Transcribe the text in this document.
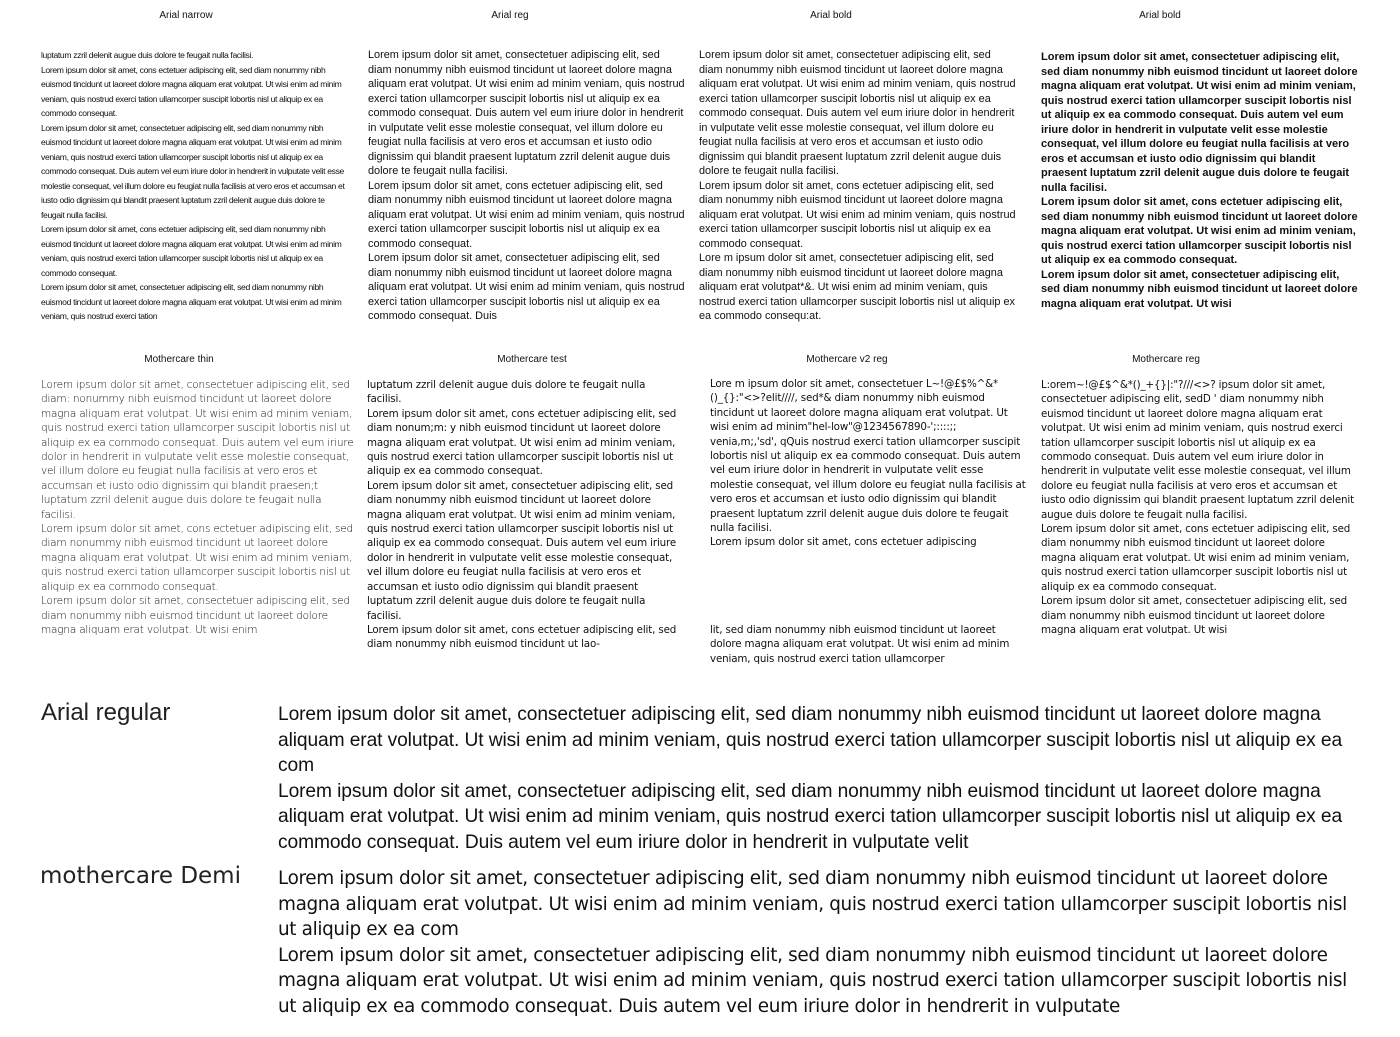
Arial narrow	Arial reg	Arial bold	Arial bold

luptatum zzril delenit augue duis dolore te feugait nulla facilisi.

Lorem ipsum dolor sit amet, cons ectetuer adipiscing elit, sed diam nonummy nibh euismod tincidunt ut laoreet dolore magna aliquam erat volutpat. Ut wisi enim ad minim veniam, quis nostrud exerci tation ullamcorper suscipit lobortis nisl ut aliquip ex ea commodo consequat.

Lorem ipsum dolor sit amet, consectetuer adipiscing elit, sed diam nonummy nibh euismod tincidunt ut laoreet dolore magna aliquam erat volutpat. Ut wisi enim ad minim veniam, quis nostrud exerci tation ullamcorper suscipit lobortis nisl ut aliquip ex ea commodo consequat. Duis autem vel eum iriure dolor in hendrerit in vulputate velit esse molestie consequat, vel illum dolore eu feugiat nulla facilisis at vero eros et accumsan et iusto odio dignissim qui blandit praesent luptatum zzril delenit augue duis dolore te feugait nulla facilisi.

Lorem ipsum dolor sit amet, cons ectetuer adipiscing elit, sed diam nonummy nibh euismod tincidunt ut laoreet dolore magna aliquam erat volutpat. Ut wisi enim ad minim veniam, quis nostrud exerci tation ullamcorper suscipit lobortis nisl ut aliquip ex ea commodo consequat.

Lorem ipsum dolor sit amet, consectetuer adipiscing elit, sed diam nonummy nibh euismod tincidunt ut laoreet dolore magna aliquam erat volutpat. Ut wisi enim ad minim veniam, quis nostrud exerci tation

Lorem ipsum dolor sit amet, consectetuer adipiscing elit, sed diam nonummy nibh euismod tincidunt ut laoreet dolore magna aliquam erat volutpat. Ut wisi enim ad minim veniam, quis nostrud exerci tation ullamcorper suscipit lobortis nisl ut aliquip ex ea commodo consequat. Duis autem vel eum iriure dolor in hendrerit in vulputate velit esse molestie consequat, vel illum dolore eu feugiat nulla facilisis at vero eros et accumsan et iusto odio dignissim qui blandit praesent luptatum zzril delenit augue duis dolore te feugait nulla facilisi.

Lorem ipsum dolor sit amet, cons ectetuer adipiscing elit, sed diam nonummy nibh euismod tincidunt ut laoreet dolore magna aliquam erat volutpat. Ut wisi enim ad minim veniam, quis nostrud exerci tation ullamcorper suscipit lobortis nisl ut aliquip ex ea commodo consequat.

Lorem ipsum dolor sit amet, consectetuer adipiscing elit, sed diam nonummy nibh euismod tincidunt ut laoreet dolore magna aliquam erat volutpat. Ut wisi enim ad minim veniam, quis nostrud exerci tation ullamcorper suscipit lobortis nisl ut aliquip ex ea commodo consequat. Duis

Lorem ipsum dolor sit amet, consectetuer adipiscing elit, sed diam nonummy nibh euismod tincidunt ut laoreet dolore magna aliquam erat volutpat. Ut wisi enim ad minim veniam, quis nostrud exerci tation ullamcorper suscipit lobortis nisl ut aliquip ex ea commodo consequat. Duis autem vel eum iriure dolor in hendrerit in vulputate velit esse molestie consequat, vel illum dolore eu feugiat nulla facilisis at vero eros et accumsan et iusto odio dignissim qui blandit praesent luptatum zzril delenit augue duis dolore te feugait nulla facilisi.

Lorem ipsum dolor sit amet, cons ectetuer adipiscing elit, sed diam nonummy nibh euismod tincidunt ut laoreet dolore magna aliquam erat volutpat. Ut wisi enim ad minim veniam, quis nostrud exerci tation ullamcorper suscipit lobortis nisl ut aliquip ex ea commodo consequat.

Lore m ipsum dolor sit amet, consectetuer adipiscing elit, sed diam nonummy nibh euismod tincidunt ut laoreet dolore magna aliquam erat volutpat*&. Ut wisi enim ad minim veniam, quis nostrud exerci tation ullamcorper suscipit lobortis nisl ut aliquip ex ea commodo consequ:at.

Lorem ipsum dolor sit amet, consectetuer adipiscing elit, sed diam nonummy nibh euismod tincidunt ut laoreet dolore magna aliquam erat volutpat. Ut wisi enim ad minim veniam, quis nostrud exerci tation ullamcorper suscipit lobortis nisl ut aliquip ex ea commodo consequat. Duis autem vel eum iriure dolor in hendrerit in vulputate velit esse molestie consequat, vel illum dolore eu feugiat nulla facilisis at vero eros et accumsan et iusto odio dignissim qui blandit praesent luptatum zzril delenit augue duis dolore te feugait nulla facilisi.

Lorem ipsum dolor sit amet, cons ectetuer adipiscing elit, sed diam nonummy nibh euismod tincidunt ut laoreet dolore magna aliquam erat volutpat. Ut wisi enim ad minim veniam, quis nostrud exerci tation ullamcorper suscipit lobortis nisl ut aliquip ex ea commodo consequat.

Lorem ipsum dolor sit amet, consectetuer adipiscing elit, sed diam nonummy nibh euismod tincidunt ut laoreet dolore magna aliquam erat volutpat. Ut wisi

Mothercare thin	Mothercare test	Mothercare v2 reg	Mothercare reg

Lorem ipsum dolor sit amet, consectetuer adipiscing elit, sed diam: nonummy nibh euismod tincidunt ut laoreet dolore magna aliquam erat volutpat. Ut wisi enim ad minim veniam, quis nostrud exerci tation ullamcorper suscipit lobortis nisl ut aliquip ex ea commodo consequat. Duis autem vel eum iriure dolor in hendrerit in vulputate velit esse molestie consequat, vel illum dolore eu feugiat nulla facilisis at vero eros et accumsan et iusto odio dignissim qui blandit praesen;t luptatum zzril delenit augue duis dolore te feugait nulla facilisi.

Lorem ipsum dolor sit amet, cons ectetuer adipiscing elit, sed diam nonummy nibh euismod tincidunt ut laoreet dolore magna aliquam erat volutpat. Ut wisi enim ad minim veniam, quis nostrud exerci tation ullamcorper suscipit lobortis nisl ut aliquip ex ea commodo consequat.

Lorem ipsum dolor sit amet, consectetuer adipiscing elit, sed diam nonummy nibh euismod tincidunt ut laoreet dolore magna aliquam erat volutpat. Ut wisi enim

luptatum zzril delenit augue duis dolore te feugait nulla facilisi.

Lorem ipsum dolor sit amet, cons ectetuer adipiscing elit, sed diam nonum;m: y nibh euismod tincidunt ut laoreet dolore magna aliquam erat volutpat. Ut wisi enim ad minim veniam, quis nostrud exerci tation ullamcorper suscipit lobortis nisl ut aliquip ex ea commodo consequat.

Lorem ipsum dolor sit amet, consectetuer adipiscing elit, sed diam nonummy nibh euismod tincidunt ut laoreet dolore magna aliquam erat volutpat. Ut wisi enim ad minim veniam, quis nostrud exerci tation ullamcorper suscipit lobortis nisl ut aliquip ex ea commodo consequat. Duis autem vel eum iriure dolor in hendrerit in vulputate velit esse molestie consequat, vel illum dolore eu feugiat nulla facilisis at vero eros et accumsan et iusto odio dignissim qui blandit praesent luptatum zzril delenit augue duis dolore te feugait nulla facilisi.

Lorem ipsum dolor sit amet, cons ectetuer adipiscing elit, sed diam nonummy nibh euismod tincidunt ut lao-

Lore m ipsum dolor sit amet, consectetuer L~!@£$%^&*()_{}:"<>?elit////, sed*& diam nonummy nibh euismod tincidunt ut laoreet dolore magna aliquam erat volutpat. Ut wisi enim ad minim"hel-low"@1234567890-';::::;; venia,m;,'sd', qQuis nostrud exerci tation ullamcorper suscipit lobortis nisl ut aliquip ex ea commodo consequat. Duis autem vel eum iriure dolor in hendrerit in vulputate velit esse molestie consequat, vel illum dolore eu feugiat nulla facilisis at vero eros et accumsan et iusto odio dignissim qui blandit praesent luptatum zzril delenit augue duis dolore te feugait nulla facilisi.

Lorem ipsum dolor sit amet, cons ectetuer adipiscing

lit, sed diam nonummy nibh euismod tincidunt ut laoreet dolore magna aliquam erat volutpat. Ut wisi enim ad minim veniam, quis nostrud exerci tation ullamcorper

L:orem~!@£$^&*()_+{}|:"?///<>? ipsum dolor sit amet, consectetuer adipiscing elit, sedD ' diam nonummy nibh euismod tincidunt ut laoreet dolore magna aliquam erat volutpat. Ut wisi enim ad minim veniam, quis nostrud exerci tation ullamcorper suscipit lobortis nisl ut aliquip ex ea commodo consequat. Duis autem vel eum iriure dolor in hendrerit in vulputate velit esse molestie consequat, vel illum dolore eu feugiat nulla facilisis at vero eros et accumsan et iusto odio dignissim qui blandit praesent luptatum zzril delenit augue duis dolore te feugait nulla facilisi.

Lorem ipsum dolor sit amet, cons ectetuer adipiscing elit, sed diam nonummy nibh euismod tincidunt ut laoreet dolore magna aliquam erat volutpat. Ut wisi enim ad minim veniam, quis nostrud exerci tation ullamcorper suscipit lobortis nisl ut aliquip ex ea commodo consequat.

Lorem ipsum dolor sit amet, consectetuer adipiscing elit, sed diam nonummy nibh euismod tincidunt ut laoreet dolore magna aliquam erat volutpat. Ut wisi

Arial regular	Lorem ipsum dolor sit amet, consectetuer adipiscing elit, sed diam nonummy nibh euismod tincidunt ut laoreet dolore magna aliquam erat volutpat. Ut wisi enim ad minim veniam, quis nostrud exerci tation ullamcorper suscipit lobortis nisl ut aliquip ex ea com

Lorem ipsum dolor sit amet, consectetuer adipiscing elit, sed diam nonummy nibh euismod tincidunt ut laoreet dolore magna aliquam erat volutpat. Ut wisi enim ad minim veniam, quis nostrud exerci tation ullamcorper suscipit lobortis nisl ut aliquip ex ea commodo consequat. Duis autem vel eum iriure dolor in hendrerit in vulputate velit

mothercare Demi Lorem ipsum dolor sit amet, consectetuer adipiscing elit, sed diam nonummy nibh euismod tincidunt ut laoreet dolore magna aliquam erat volutpat. Ut wisi enim ad minim veniam, quis nostrud exerci tation ullamcorper suscipit lobortis nisl ut aliquip ex ea com

Lorem ipsum dolor sit amet, consectetuer adipiscing elit, sed diam nonummy nibh euismod tincidunt ut laoreet dolore magna aliquam erat volutpat. Ut wisi enim ad minim veniam, quis nostrud exerci tation ullamcorper suscipit lobortis nisl ut aliquip ex ea commodo consequat. Duis autem vel eum iriure dolor in hendrerit in vulputate
